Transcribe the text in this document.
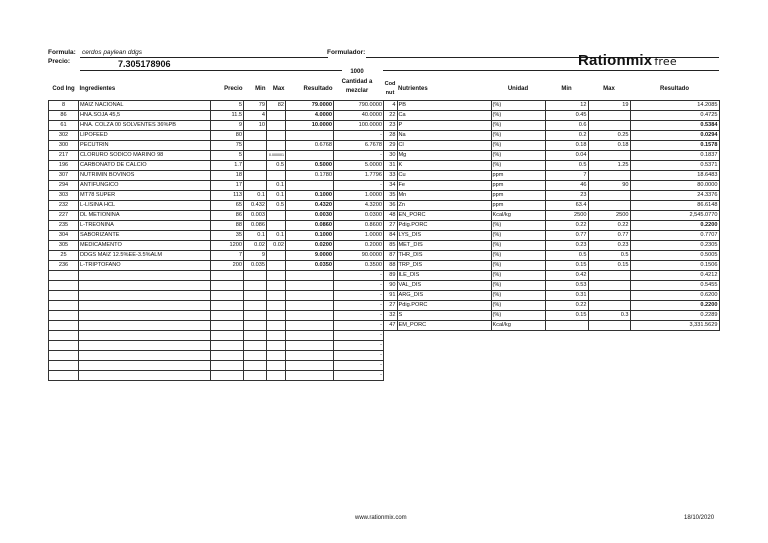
Formula: cerdos paylean ddgs	Formulador:
Precio:	7.305178906	Rationmix free
1000
Cantidad a mezclar
Cod Ing	Ingredientes	Precio	Min	Max	Resultado	
8	MAIZ NACIONAL	5	79	82	79.0000	790.0000
86	HNA.SOJA 45,5	11.5	4		4.0000	40.0000
61	HNA. COLZA 00 SOLVENTES 36%PB	9	10		10.0000	100.0000
302	LIPOFEED	80				-
300	PECUTRIN	75			0.6768	6.7678
217	CLORURO SODICO MARINO 98	5		0.000001		-
196	CARBONATO DE CALCIO	1.7		0.5	0.5000	5.0000
307	NUTRIMIN BOVINOS	18			0.1780	1.7796
294	ANTIFUNGICO	17		0.1		-
303	MT78 SUPER	113	0.1	0.1	0.1000	1.0000
232	L-LISINA HCL	65	0.432	0.5	0.4320	4.3200
227	DL METIONINA	86	0.003		0.0030	0.0300
235	L-TREONINA	88	0.086		0.0860	0.8600
304	SABORIZANTE	35	0.1	0.1	0.1000	1.0000
305	MEDICAMENTO	1200	0.02	0.02	0.0200	0.2000
25	DDGS MAIZ 12.5%EE-3.5%ALM	7	9		9.0000	90.0000
236	L-TRIPTOFANO	200	0.035		0.0350	0.3500
						-
						-
						-
						-
						-
						-
						-
						-
						-
						-
						-
Cod nut	Nutrientes	Unidad	Min	Max	Resultado
4	PB	(%)	12	19	14.2085
22	Ca	(%)	0.45		0.4725
23	P	(%)	0.6		0.5384
28	Na	(%)	0.2	0.25	0.0294
29	Cl	(%)	0.18	0.18	0.1578
30	Mg	(%)	0.04		0.1837
31	K	(%)	0.5	1.25	0.5371
33	Cu	ppm	7		18.6483
34	Fe	ppm	46	90	80.0000
35	Mn	ppm	23		24.3376
36	Zn	ppm	63.4		86.6148
48	EN_PORC	Kcal/kg	2500	2500	2,545.0770
27	Pdig.PORC	(%)	0.22	0.22	0.2200
84	LYS_DIS	(%)	0.77	0.77	0.7707
85	MET_DIS	(%)	0.23	0.23	0.2305
87	THR_DIS	(%)	0.5	0.5	0.5005
88	TRP_DIS	(%)	0.15	0.15	0.1506
89	ILE_DIS	(%)	0.42		0.4212
90	VAL_DIS	(%)	0.53		0.5455
91	ARG_DIS	(%)	0.31		0.6200
27	Pdig.PORC	(%)	0.22		0.2200
32	S	(%)	0.15	0.3	0.2289
47	EM_PORC	Kcal/kg			3,331.5629
www.rationmix.com	18/10/2020
